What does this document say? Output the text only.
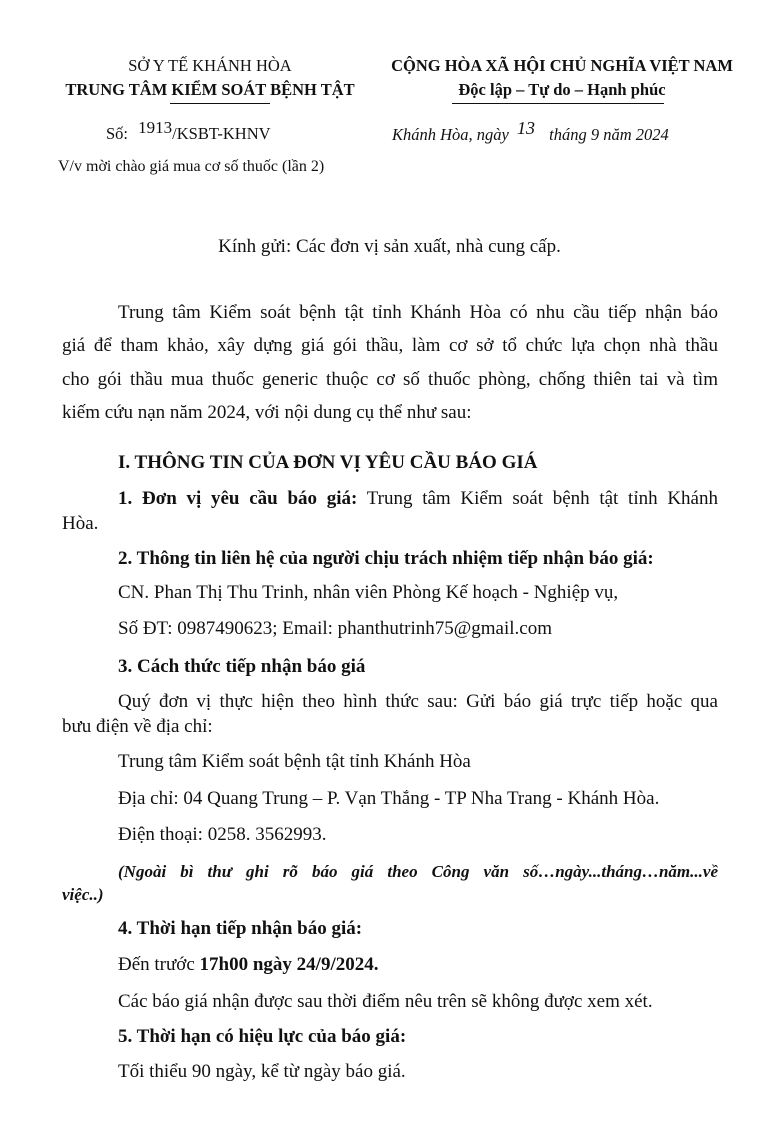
SỞ Y TẾ KHÁNH HÒA
TRUNG TÂM KIỂM SOÁT BỆNH TẬT
CỘNG HÒA XÃ HỘI CHỦ NGHĨA VIỆT NAM
Độc lập – Tự do – Hạnh phúc
Số: 1913/KSBT-KHNV	Khánh Hòa, ngày 13 tháng 9 năm 2024
V/v mời chào giá mua cơ số thuốc (lần 2)
Kính gửi: Các đơn vị sản xuất, nhà cung cấp.
Trung tâm Kiểm soát bệnh tật tỉnh Khánh Hòa có nhu cầu tiếp nhận báo
giá để tham khảo, xây dựng giá gói thầu, làm cơ sở tổ chức lựa chọn nhà thầu
cho gói thầu mua thuốc generic thuộc cơ số thuốc phòng, chống thiên tai và tìm
kiếm cứu nạn năm 2024, với nội dung cụ thể như sau:
I. THÔNG TIN CỦA ĐƠN VỊ YÊU CẦU BÁO GIÁ
1. Đơn vị yêu cầu báo giá: Trung tâm Kiểm soát bệnh tật tỉnh Khánh
Hòa.
2. Thông tin liên hệ của người chịu trách nhiệm tiếp nhận báo giá:
CN. Phan Thị Thu Trinh, nhân viên Phòng Kế hoạch - Nghiệp vụ,
Số ĐT: 0987490623; Email: phanthutrinh75@gmail.com
3. Cách thức tiếp nhận báo giá
Quý đơn vị thực hiện theo hình thức sau: Gửi báo giá trực tiếp hoặc qua
bưu điện về địa chỉ:
Trung tâm Kiểm soát bệnh tật tỉnh Khánh Hòa
Địa chỉ: 04 Quang Trung – P. Vạn Thắng - TP Nha Trang - Khánh Hòa.
Điện thoại: 0258. 3562993.
(Ngoài bì thư ghi rõ báo giá theo Công văn số…ngày...tháng…năm...về
việc..)
4. Thời hạn tiếp nhận báo giá:
Đến trước 17h00 ngày 24/9/2024.
Các báo giá nhận được sau thời điểm nêu trên sẽ không được xem xét.
5. Thời hạn có hiệu lực của báo giá:
Tối thiểu 90 ngày, kể từ ngày báo giá.
